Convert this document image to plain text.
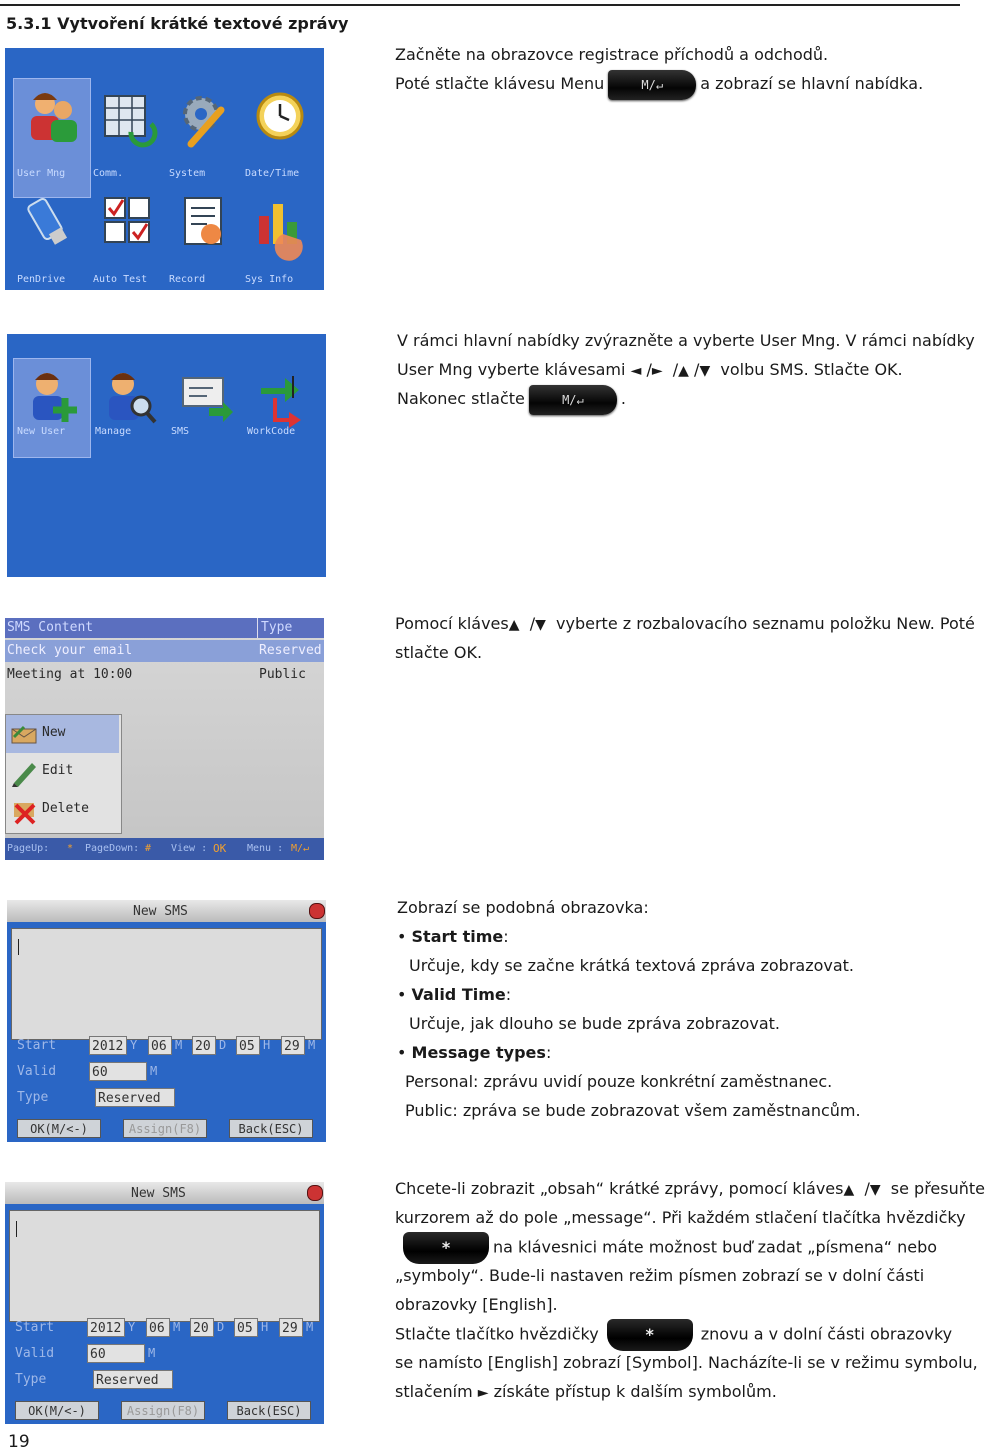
5.3.1 Vytvoření krátké textové zprávy
User Mng	Comm.	System	Date/Time
PenDrive	Auto Test Record	Sys Info

Začněte na obrazovce registrace příchodů a odchodů.

Poté stlačte klávesu Menu	M/↵ a zobrazí se hlavní nabídka.

New User	Manage	SMS	WorkCode

V rámci hlavní nabídky zvýrazněte a vyberte User Mng. V rámci nabídky

User Mng vyberte klávesami ◄ /► /▲ /▼ volbu SMS. Stlačte OK.

Nakonec stlačte	M/↵ .

SMS Content	Type
Check your email	Reserved
Meeting at 10:00	Public
New
Edit
Delete
PageUp: * PageDown: # View : OK Menu : M/↵

Pomocí kláves▲ /▼ vyberte z rozbalovacího seznamu položku New. Poté

stlačte OK.

New SMS
Start	2012 Y 06 M 20 D 05 H 29 M
Valid	60	M
Type	Reserved
OK(M/<-)	Assign(F8)	Back(ESC)

Zobrazí se podobná obrazovka:

• Start time:

Určuje, kdy se začne krátká textová zpráva zobrazovat.

• Valid Time:

Určuje, jak dlouho se bude zpráva zobrazovat.

• Message types:

Personal: zprávu uvidí pouze konkrétní zaměstnanec.

Public: zpráva se bude zobrazovat všem zaměstnancům.

New SMS
Start	2012 Y 06 M 20 D 05 H 29 M
Valid	60	M
Type	Reserved
OK(M/<-)	Assign(F8)	Back(ESC)

Chcete-li zobrazit „obsah“ krátké zprávy, pomocí kláves▲ /▼ se přesuňte

kurzorem až do pole „message“. Při každém stlačení tlačítka hvězdičky

*	na klávesnici máte možnost buď zadat „písmena“ nebo

„symboly“. Bude-li nastaven režim písmen zobrazí se v dolní části

obrazovky [English].

Stlačte tlačítko hvězdičky	*	znovu a v dolní části obrazovky

se namísto [English] zobrazí [Symbol]. Nacházíte-li se v režimu symbolu,

stlačením ► získáte přístup k dalším symbolům.

19
